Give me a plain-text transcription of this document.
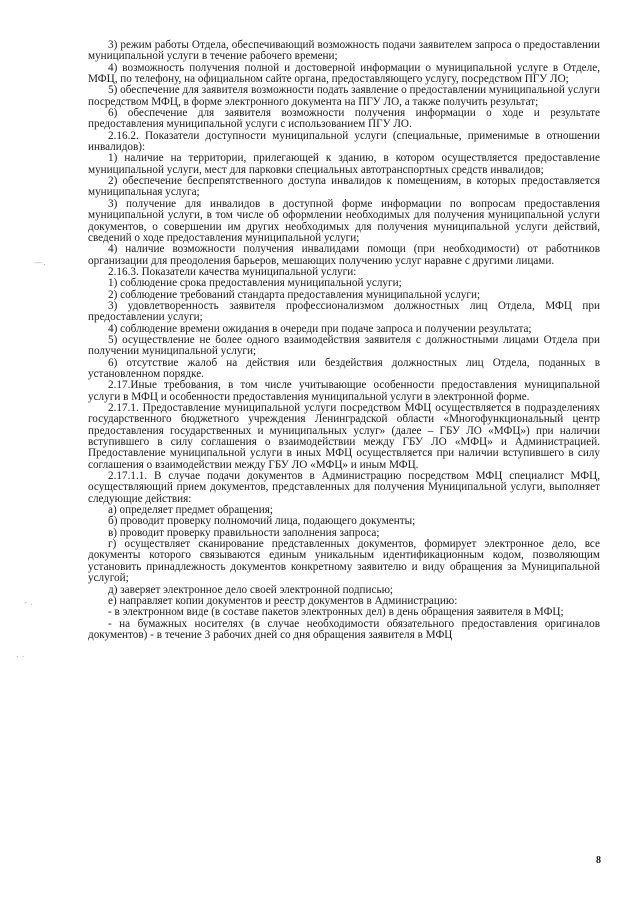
—.
- .
. .

3) режим работы Отдела, обеспечивающий возможность подачи заявителем запроса о предоставлении муниципальной услуги в течение рабочего времени;

4) возможность получения полной и достоверной информации о муниципальной услуге в Отделе, МФЦ, по телефону, на официальном сайте органа, предоставляющего услугу, посредством ПГУ ЛО;

5) обеспечение для заявителя возможности подать заявление о предоставлении муниципальной услуги посредством МФЦ, в форме электронного документа на ПГУ ЛО, а также получить результат;

6) обеспечение для заявителя возможности получения информации о ходе и результате предоставления муниципальной услуги с использованием ПГУ ЛО.

2.16.2. Показатели доступности муниципальной услуги (специальные, применимые в отношении инвалидов):

1) наличие на территории, прилегающей к зданию, в котором осуществляется предоставление муниципальной услуги, мест для парковки специальных автотранспортных средств инвалидов;

2) обеспечение беспрепятственного доступа инвалидов к помещениям, в которых предоставляется муниципальная услуга;

3) получение для инвалидов в доступной форме информации по вопросам предоставления муниципальной услуги, в том числе об оформлении необходимых для получения муниципальной услуги документов, о совершении им других необходимых для получения муниципальной услуги действий, сведений о ходе предоставления муниципальной услуги;

4) наличие возможности получения инвалидами помощи (при необходимости) от работников организации для преодоления барьеров, мешающих получению услуг наравне с другими лицами.

2.16.3. Показатели качества муниципальной услуги:

1) соблюдение срока предоставления муниципальной услуги;

2) соблюдение требований стандарта предоставления муниципальной услуги;

3) удовлетворенность заявителя профессионализмом должностных лиц Отдела, МФЦ при предоставлении услуги;

4) соблюдение времени ожидания в очереди при подаче запроса и получении результата;

5) осуществление не более одного взаимодействия заявителя с должностными лицами Отдела при получении муниципальной услуги;

6) отсутствие жалоб на действия или бездействия должностных лиц Отдела, поданных в установленном порядке.

2.17.Иные требования, в том числе учитывающие особенности предоставления муниципальной услуги в МФЦ и особенности предоставления муниципальной услуги в электронной форме.

2.17.1. Предоставление муниципальной услуги посредством МФЦ осуществляется в подразделениях государственного бюджетного учреждения Ленинградской области «Многофункциональный центр предоставления государственных и муниципальных услуг» (далее – ГБУ ЛО «МФЦ») при наличии вступившего в силу соглашения о взаимодействии между ГБУ ЛО «МФЦ» и Администрацией. Предоставление муниципальной услуги в иных МФЦ осуществляется при наличии вступившего в силу соглашения о взаимодействии между ГБУ ЛО «МФЦ» и иным МФЦ.

2.17.1.1. В случае подачи документов в Администрацию посредством МФЦ специалист МФЦ, осуществляющий прием документов, представленных для получения Муниципальной услуги, выполняет следующие действия:

а) определяет предмет обращения;

б) проводит проверку полномочий лица, подающего документы;

в) проводит проверку правильности заполнения запроса;

г) осуществляет сканирование представленных документов, формирует электронное дело, все документы которого связываются единым уникальным идентификационным кодом, позволяющим установить принадлежность документов конкретному заявителю и виду обращения за Муниципальной услугой;

д) заверяет электронное дело своей электронной подписью;

е) направляет копии документов и реестр документов в Администрацию:

- в электронном виде (в составе пакетов электронных дел) в день обращения заявителя в МФЦ;

- на бумажных носителях (в случае необходимости обязательного предоставления оригиналов документов) - в течение 3 рабочих дней со дня обращения заявителя в МФЦ

8
